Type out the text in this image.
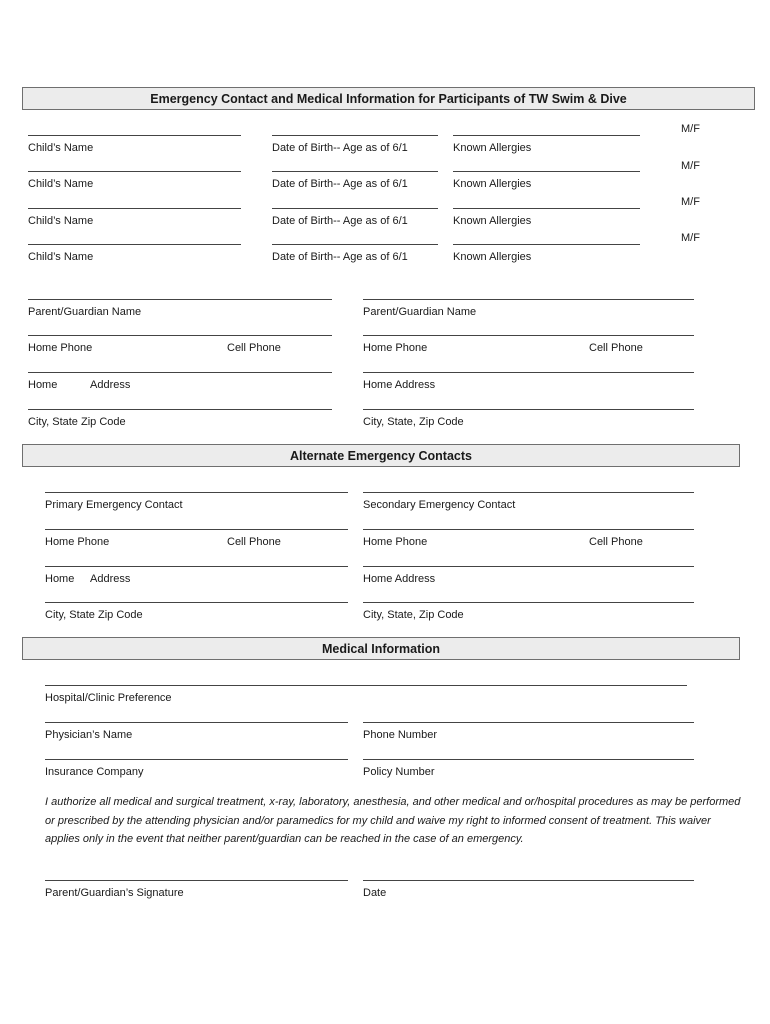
Emergency Contact and Medical Information for Participants of TW Swim & Dive
M/F
Child’s Name	Date of Birth-- Age as of 6/1	Known Allergies
M/F
Child’s Name	Date of Birth-- Age as of 6/1	Known Allergies
M/F
Child’s Name	Date of Birth-- Age as of 6/1	Known Allergies
M/F
Child’s Name	Date of Birth-- Age as of 6/1	Known Allergies
Parent/Guardian Name
Home Phone	Cell Phone
Home	Address
City, State Zip Code
Parent/Guardian Name
Home Phone	Cell Phone
Home Address
City, State, Zip Code
Alternate Emergency Contacts
Primary Emergency Contact
Home Phone	Cell Phone
Home Address
City, State Zip Code
Secondary Emergency Contact
Home Phone	Cell Phone
Home Address
City, State, Zip Code
Medical Information
Hospital/Clinic Preference
Physician’s Name	Phone Number
Insurance Company	Policy Number
I authorize all medical and surgical treatment, x-ray, laboratory, anesthesia, and other medical and or/hospital procedures as may be performed or prescribed by the attending physician and/or paramedics for my child and waive my right to informed consent of treatment. This waiver applies only in the event that neither parent/guardian can be reached in the case of an emergency.
Parent/Guardian’s Signature	Date
